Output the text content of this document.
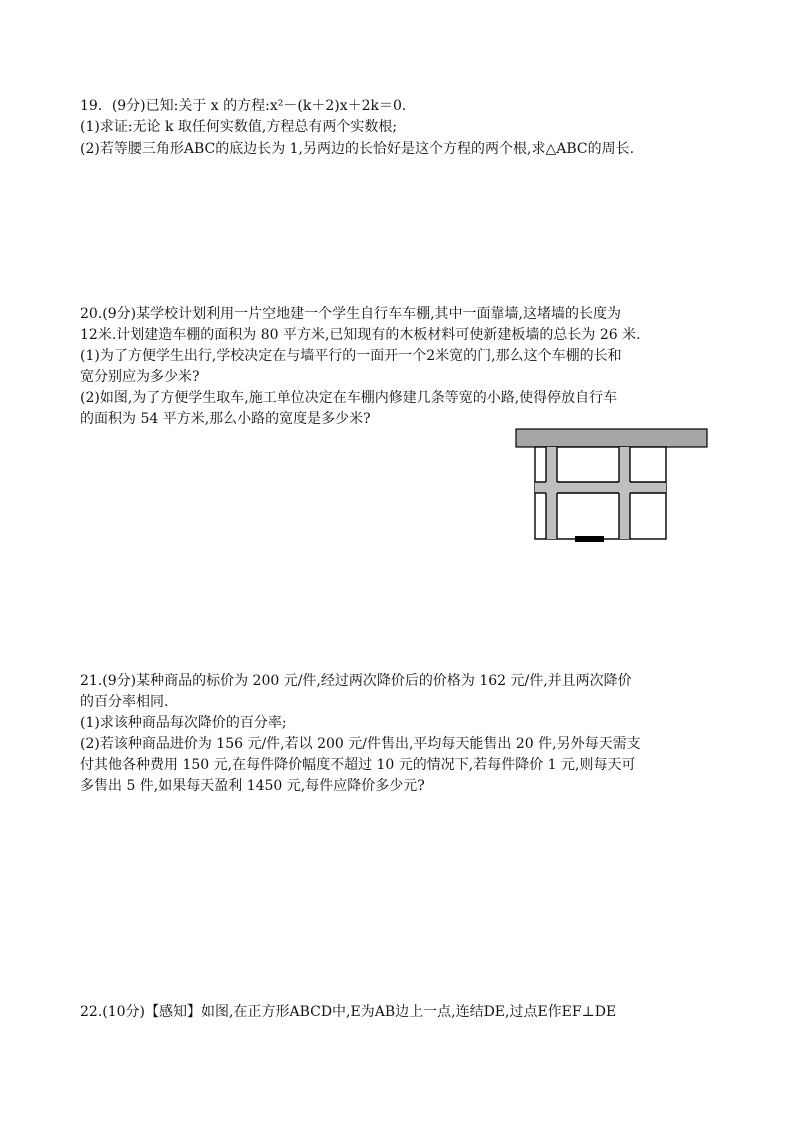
19．(9分)已知:关于 x 的方程:x²－(k＋2)x＋2k＝0.
(1)求证:无论 k 取任何实数值,方程总有两个实数根;
(2)若等腰三角形ABC的底边长为 1,另两边的长恰好是这个方程的两个根,求△ABC的周长.
20.(9分)某学校计划利用一片空地建一个学生自行车车棚,其中一面靠墙,这堵墙的长度为
12米.计划建造车棚的面积为 80 平方米,已知现有的木板材料可使新建板墙的总长为 26 米.
(1)为了方便学生出行,学校决定在与墙平行的一面开一个2米宽的门,那么这个车棚的长和
宽分别应为多少米?
(2)如图,为了方便学生取车,施工单位决定在车棚内修建几条等宽的小路,使得停放自行车
的面积为 54 平方米,那么小路的宽度是多少米?
21.(9分)某种商品的标价为 200 元/件,经过两次降价后的价格为 162 元/件,并且两次降价
的百分率相同.
(1)求该种商品每次降价的百分率;
(2)若该种商品进价为 156 元/件,若以 200 元/件售出,平均每天能售出 20 件,另外每天需支
付其他各种费用 150 元,在每件降价幅度不超过 10 元的情况下,若每件降价 1 元,则每天可
多售出 5 件,如果每天盈利 1450 元,每件应降价多少元?
22.(10分)【感知】如图,在正方形ABCD中,E为AB边上一点,连结DE,过点E作EF⊥DE
